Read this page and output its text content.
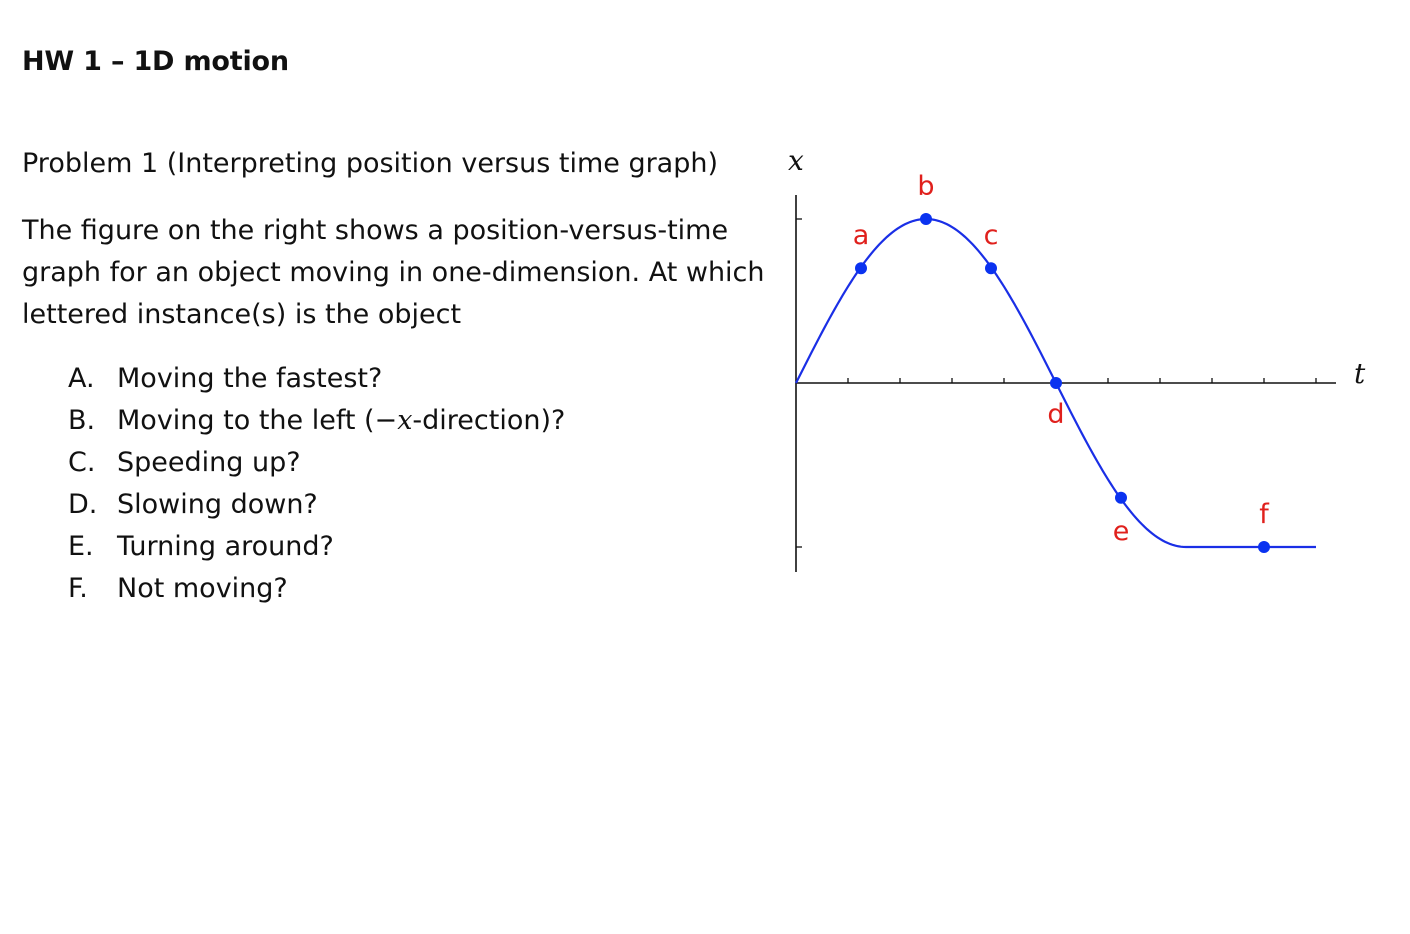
HW 1 – 1D motion
Problem 1 (Interpreting position versus time graph)

The figure on the right shows a position-versus-time
graph for an object moving in one-dimension. At which
lettered instance(s) is the object

A. Moving the fastest?
B. Moving to the left (−x-direction)?
C. Speeding up?
D. Slowing down?
E. Turning around?
F.	Not moving?
a
b
c
d
e
f
x
t
